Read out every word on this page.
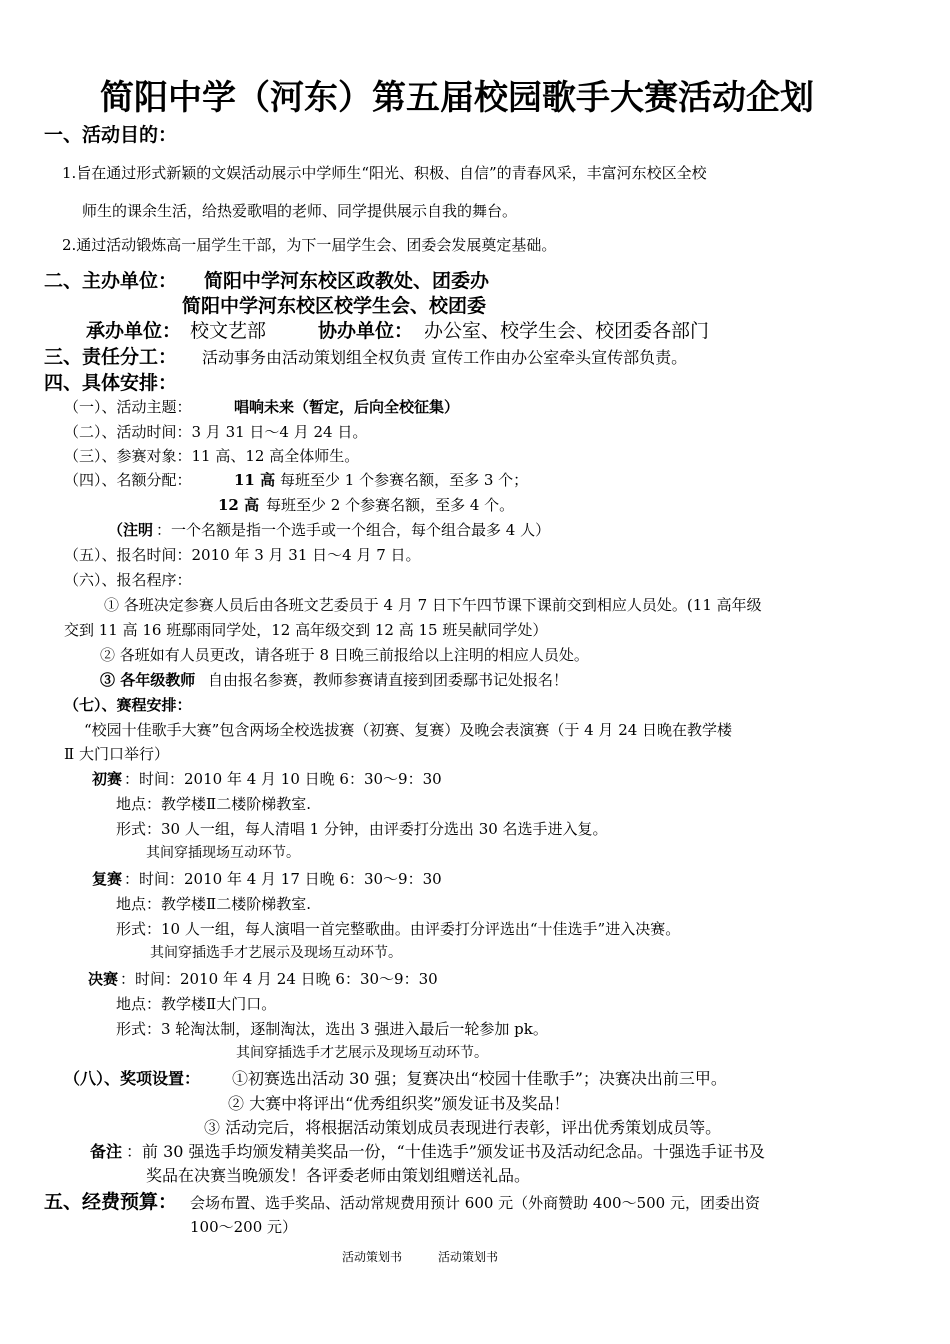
简阳中学（河东）第五届校园歌手大赛活动企划
一、活动目的：
1.旨在通过形式新颖的文娱活动展示中学师生“阳光、积极、自信”的青春风采，丰富河东校区全校
师生的课余生活，给热爱歌唱的老师、同学提供展示自我的舞台。
2.通过活动锻炼高一届学生干部，为下一届学生会、团委会发展奠定基础。
二、主办单位： 简阳中学河东校区政教处、团委办
简阳中学河东校区校学生会、校团委
承办单位： 校文艺部	协办单位： 办公室、校学生会、校团委各部门
三、责任分工： 活动事务由活动策划组全权负责 宣传工作由办公室牵头宣传部负责。
四、具体安排：
（一）、活动主题：	唱响未来（暂定，后向全校征集）
（二）、活动时间：3 月 31 日～4 月 24 日。
（三）、参赛对象：11 高、12 高全体师生。
（四）、名额分配：	11 高 每班至少 1 个参赛名额，至多 3 个；
12 高 每班至少 2 个参赛名额，至多 4 个。
（注明 ：一个名额是指一个选手或一个组合，每个组合最多 4 人）
（五）、报名时间：2010 年 3 月 31 日～4 月 7 日。
（六）、报名程序：
① 各班决定参赛人员后由各班文艺委员于 4 月 7 日下午四节课下课前交到相应人员处。(11 高年级
交到 11 高 16 班鄢雨同学处，12 高年级交到 12 高 15 班吴献同学处）
② 各班如有人员更改，请各班于 8 日晚三前报给以上注明的相应人员处。
③ 各年级教师 自由报名参赛，教师参赛请直接到团委鄢书记处报名！
（七）、赛程安排：
“校园十佳歌手大赛”包含两场全校选拔赛（初赛、复赛）及晚会表演赛（于 4 月 24 日晚在教学楼
Ⅱ 大门口举行）
初赛 ：时间：2010 年 4 月 10 日晚 6：30～9：30
地点：教学楼Ⅱ二楼阶梯教室.
形式：30 人一组，每人清唱 1 分钟，由评委打分选出 30 名选手进入复。
其间穿插现场互动环节。
复赛 ：时间：2010 年 4 月 17 日晚 6：30～9：30
地点：教学楼Ⅱ二楼阶梯教室.
形式：10 人一组，每人演唱一首完整歌曲。由评委打分评选出“十佳选手”进入决赛。
其间穿插选手才艺展示及现场互动环节。
决赛 ：时间：2010 年 4 月 24 日晚 6：30～9：30
地点：教学楼Ⅱ大门口。
形式：3 轮淘汰制，逐制淘汰，选出 3 强进入最后一轮参加 pk。
其间穿插选手才艺展示及现场互动环节。
（八）、奖项设置： ①初赛选出活动 30 强；复赛决出“校园十佳歌手”；决赛决出前三甲。
② 大赛中将评出“优秀组织奖”颁发证书及奖品！
③ 活动完后，将根据活动策划成员表现进行表彰，评出优秀策划成员等。
备注 ：前 30 强选手均颁发精美奖品一份，“十佳选手”颁发证书及活动纪念品。十强选手证书及
奖品在决赛当晚颁发！各评委老师由策划组赠送礼品。
五、经费预算： 会场布置、选手奖品、活动常规费用预计 600 元（外商赞助 400～500 元，团委出资
100～200 元）
活动策划书	活动策划书
